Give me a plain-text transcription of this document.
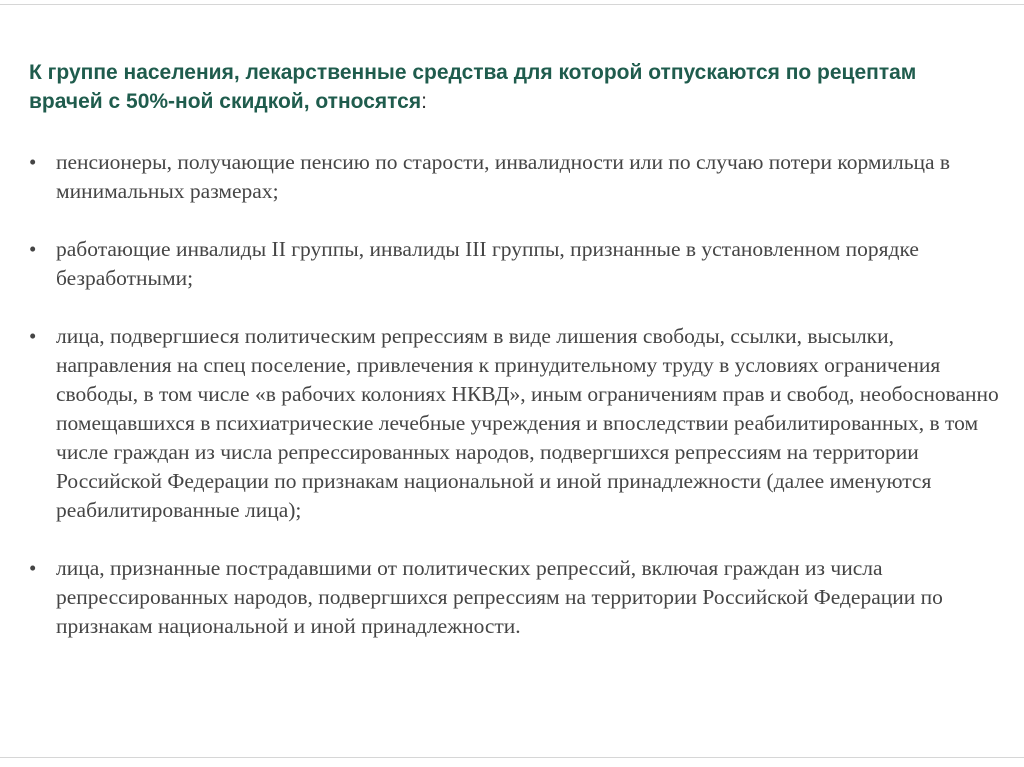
К группе населения, лекарственные средства для которой отпускаются по рецептам врачей с 50%-ной скидкой, относятся:
• пенсионеры, получающие пенсию по старости, инвалидности или по случаю потери кормильца в минимальных размерах;
• работающие инвалиды II группы, инвалиды III группы, признанные в установленном порядке безработными;
• лица, подвергшиеся политическим репрессиям в виде лишения свободы, ссылки, высылки, направления на спец поселение, привлечения к принудительному труду в условиях ограничения свободы, в том числе «в рабочих колониях НКВД», иным ограничениям прав и свобод, необоснованно помещавшихся в психиатрические лечебные учреждения и впоследствии реабилитированных, в том числе граждан из числа репрессированных народов, подвергшихся репрессиям на территории Российской Федерации по признакам национальной и иной принадлежности (далее именуются реабилитированные лица);
• лица, признанные пострадавшими от политических репрессий, включая граждан из числа репрессированных народов, подвергшихся репрессиям на территории Российской Федерации по признакам национальной и иной принадлежности.
